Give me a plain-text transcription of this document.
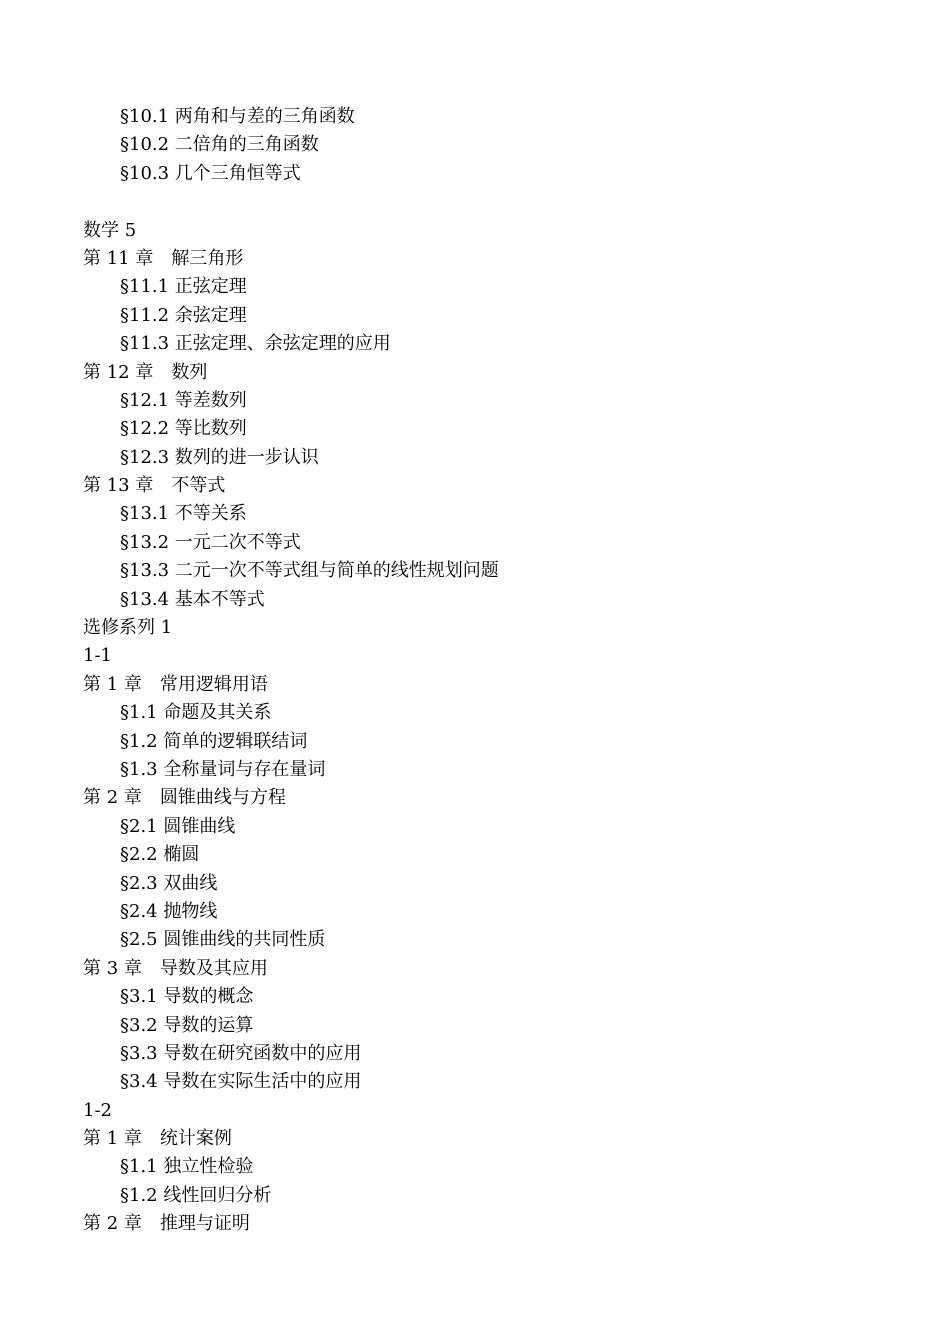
§10.1 两角和与差的三角函数
§10.2 二倍角的三角函数
§10.3 几个三角恒等式
数学 5
第 11 章　解三角形
§11.1 正弦定理
§11.2 余弦定理
§11.3 正弦定理、余弦定理的应用
第 12 章　数列
§12.1 等差数列
§12.2 等比数列
§12.3 数列的进一步认识
第 13 章　不等式
§13.1 不等关系
§13.2 一元二次不等式
§13.3 二元一次不等式组与简单的线性规划问题
§13.4 基本不等式
选修系列 1
1-1
第 1 章　常用逻辑用语
§1.1 命题及其关系
§1.2 简单的逻辑联结词
§1.3 全称量词与存在量词
第 2 章　圆锥曲线与方程
§2.1 圆锥曲线
§2.2 椭圆
§2.3 双曲线
§2.4 抛物线
§2.5 圆锥曲线的共同性质
第 3 章　导数及其应用
§3.1 导数的概念
§3.2 导数的运算
§3.3 导数在研究函数中的应用
§3.4 导数在实际生活中的应用
1-2
第 1 章　统计案例
§1.1 独立性检验
§1.2 线性回归分析
第 2 章　推理与证明
